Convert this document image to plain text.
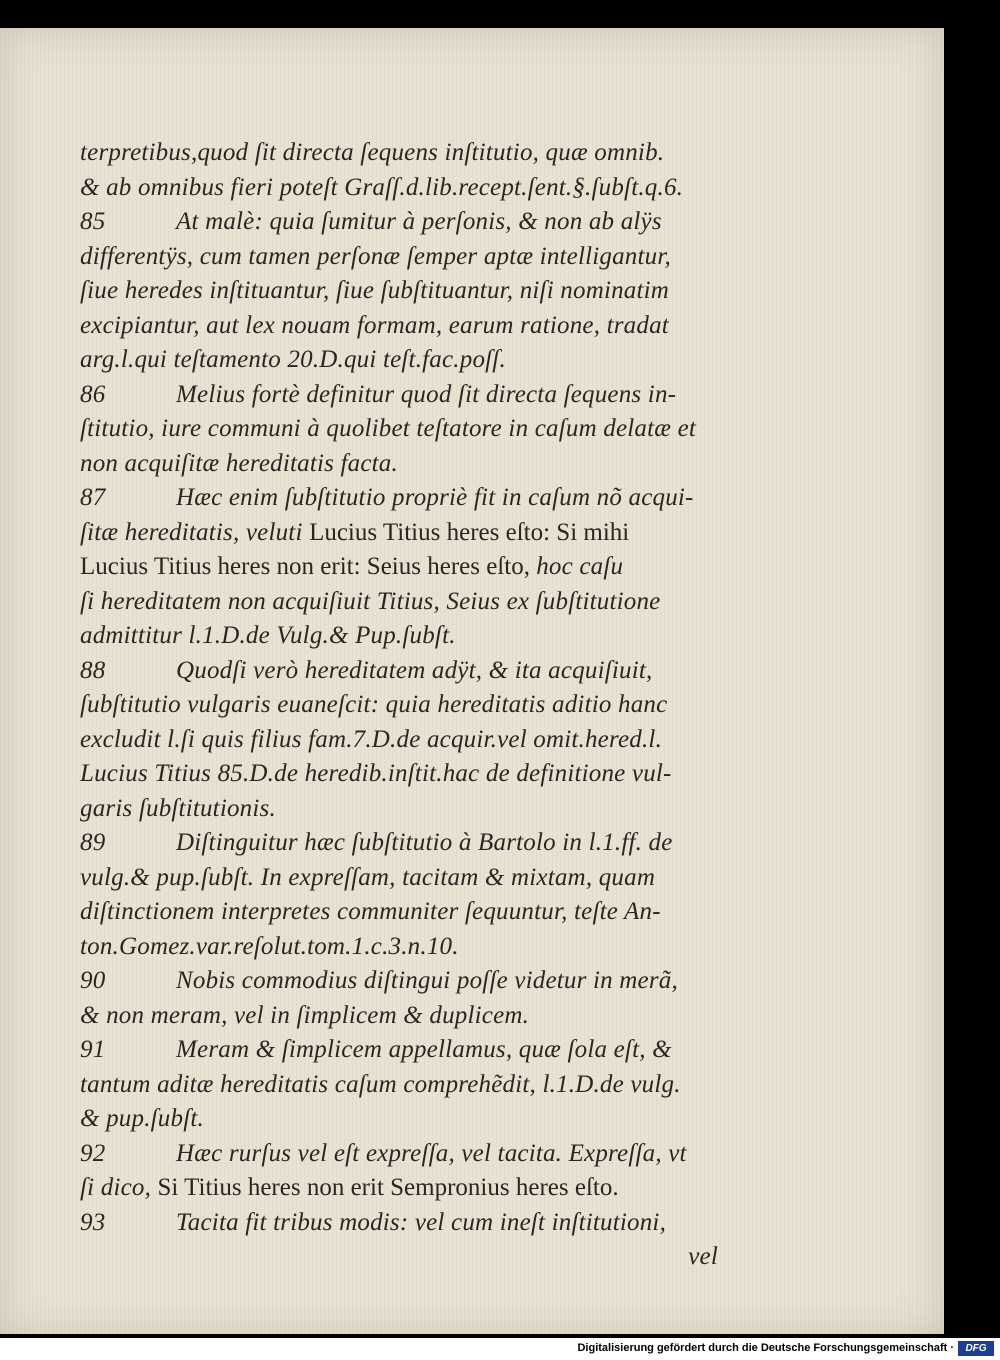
terpretibus,quod ſit directa ſequens inſtitutio, quæ omnib.
& ab omnibus fieri poteſt Graſſ.d.lib.recept.ſent.§.ſubſt.q.6.
85	At malè: quia ſumitur à perſonis, & non ab alÿs
differentÿs, cum tamen perſonæ ſemper aptæ intelligantur,
ſiue heredes inſtituantur, ſiue ſubſtituantur, niſi nominatim
excipiantur, aut lex nouam formam, earum ratione, tradat
arg.l.qui teſtamento 20.D.qui teſt.fac.poſſ.
86	Melius fortè definitur quod ſit directa ſequens in-
ſtitutio, iure communi à quolibet teſtatore in caſum delatæ et
non acquiſitæ hereditatis facta.
87	Hæc enim ſubſtitutio propriè fit in caſum nõ acqui-
ſitæ hereditatis, veluti Lucius Titius heres eſto: Si mihi
Lucius Titius heres non erit: Seius heres eſto, hoc caſu
ſi hereditatem non acquiſiuit Titius, Seius ex ſubſtitutione
admittitur l.1.D.de Vulg.& Pup.ſubſt.
88	Quodſi verò hereditatem adÿt, & ita acquiſiuit,
ſubſtitutio vulgaris euaneſcit: quia hereditatis aditio hanc
excludit l.ſi quis filius fam.7.D.de acquir.vel omit.hered.l.
Lucius Titius 85.D.de heredib.inſtit.hac de definitione vul-
garis ſubſtitutionis.
89	Diſtinguitur hæc ſubſtitutio à Bartolo in l.1.ff. de
vulg.& pup.ſubſt. In expreſſam, tacitam & mixtam, quam
diſtinctionem interpretes communiter ſequuntur, teſte An-
ton.Gomez.var.reſolut.tom.1.c.3.n.10.
90	Nobis commodius diſtingui poſſe videtur in merã,
& non meram, vel in ſimplicem & duplicem.
91	Meram & ſimplicem appellamus, quæ ſola eſt, &
tantum aditæ hereditatis caſum comprehẽdit, l.1.D.de vulg.
& pup.ſubſt.
92	Hæc rurſus vel eſt expreſſa, vel tacita. Expreſſa, vt
ſi dico, Si Titius heres non erit Sempronius heres eſto.
93	Tacita fit tribus modis: vel cum ineſt inſtitutioni,
vel
Digitalisierung gefördert durch die Deutsche Forschungsgemeinschaft ·	DFG
